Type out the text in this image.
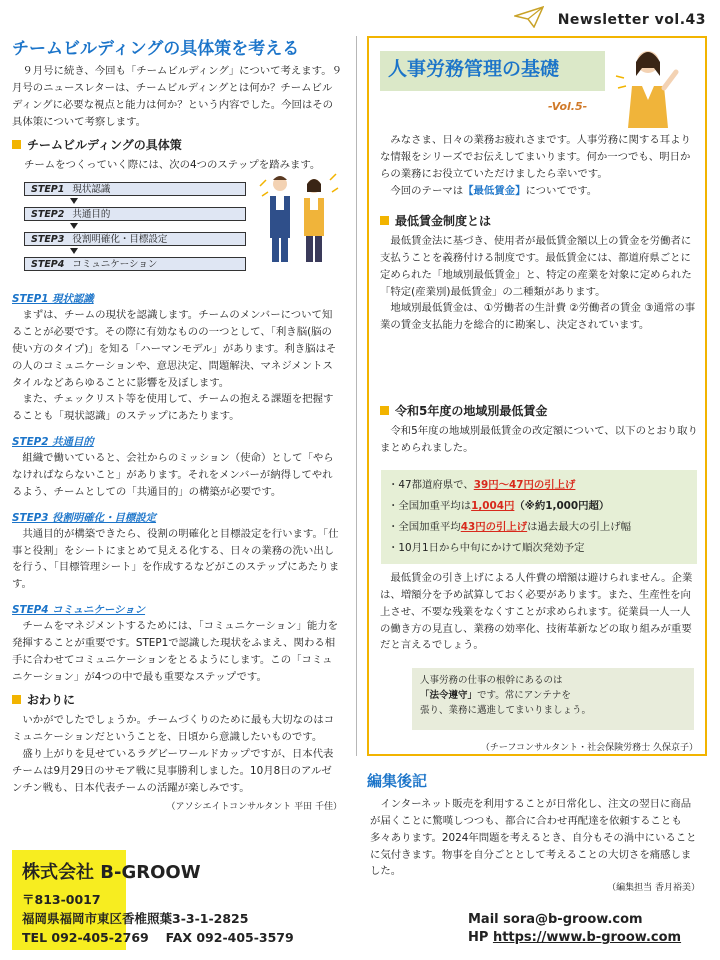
Newsletter vol.43
チームビルディングの具体策を考える

　９月号に続き、今回も「チームビルディング」について考えます。９月号のニュースレターは、チームビルディングとは何か？チームビルディングに必要な視点と能力は何か？という内容でした。今回はその具体策について考察します。

チームビルディングの具体策

チームをつくっていく際には、次の4つのステップを踏みます。

STEP1 現状認識
STEP2 共通目的
STEP3 役割明確化・目標設定
STEP4 コミュニケーション
STEP1 現状認識

　まずは、チームの現状を認識します。チームのメンバーについて知ることが必要です。その際に有効なものの一つとして、「利き脳(脳の使い方のタイプ)」を知る「ハーマンモデル」があります。利き脳はその人のコミュニケーションや、意思決定、問題解決、マネジメントスタイルなどあらゆることに影響を及ぼします。
　また、チェックリスト等を使用して、チームの抱える課題を把握することも「現状認識」のステップにあたります。

STEP2 共通目的

　組織で働いていると、会社からのミッション（使命）として「やらなければならないこと」があります。それをメンバーが納得してやれるよう、チームとしての「共通目的」の構築が必要です。

STEP3 役割明確化・目標設定

　共通目的が構築できたら、役割の明確化と目標設定を行います。「仕事と役割」をシートにまとめて見える化する、日々の業務の洗い出しを行う、「目標管理シート」を作成するなどがこのステップにあたります。

STEP4 コミュニケーション

　チームをマネジメントするためには、「コミュニケーション」能力を発揮することが重要です。STEP1で認識した現状をふまえ、関わる相手に合わせてコミュニケーションをとるようにします。この「コミュニケーション」が4つの中で最も重要なステップです。

おわりに

　いかがでしたでしょうか。チームづくりのために最も大切なのはコミュニケーションだということを、日頃から意識したいものです。
　盛り上がりを見せているラグビーワールドカップですが、日本代表チームは9月29日のサモア戦に見事勝利しました。10月8日のアルゼンチン戦も、日本代表チームの活躍が楽しみです。

（アソシエイトコンサルタント 平田 千佳）
株式会社 B-GROOW
〒813-0017
福岡県福岡市東区香椎照葉3-3-1-2825
TEL 092-405-2769　 FAX 092-405-3579
人事労務管理の基礎
-Vol.5-

　みなさま、日々の業務お疲れさまです。人事労務に関する耳よりな情報をシリーズでお伝えしてまいります。何か一つでも、明日からの業務にお役立ていただけましたら幸いです。

　今回のテーマは【最低賃金】についてです。

最低賃金制度とは

　最低賃金法に基づき、使用者が最低賃金額以上の賃金を労働者に支払うことを義務付ける制度です。最低賃金には、都道府県ごとに定められた「地域別最低賃金」と、特定の産業を対象に定められた「特定(産業別)最低賃金」の二種類があります。

　地域別最低賃金は、①労働者の生計費 ②労働者の賃金 ③通常の事業の賃金支払能力を総合的に勘案し、決定されています。

令和5年度の地域別最低賃金

　令和5年度の地域別最低賃金の改定額について、以下のとおり取りまとめられました。

・47都道府県で、39円～47円の引上げ
・全国加重平均は1,004円（※約1,000円超）
・全国加重平均43円の引上げは過去最大の引上げ幅
・10月1日から中旬にかけて順次発効予定

　最低賃金の引き上げによる人件費の増額は避けられません。企業は、増額分を予め試算しておく必要があります。また、生産性を向上させ、不要な残業をなくすことが求められます。従業員一人一人の働き方の見直し、業務の効率化、技術革新などの取り組みが重要だと言えるでしょう。

人事労務の仕事の根幹にあるのは
「法令遵守」です。常にアンテナを
張り、業務に邁進してまいりましょう。
（チーフコンサルタント・社会保険労務士 久保京子）
編集後記

　インターネット販売を利用することが日常化し、注文の翌日に商品が届くことに驚嘆しつつも、都合に合わせ再配達を依頼することも多々あります。2024年問題を考えるとき、自分もその渦中にいることに気付きます。物事を自分ごととして考えることの大切さを痛感しました。

（編集担当 香月裕美）
Mail sora@b-groow.com
HP https://www.b-groow.com
